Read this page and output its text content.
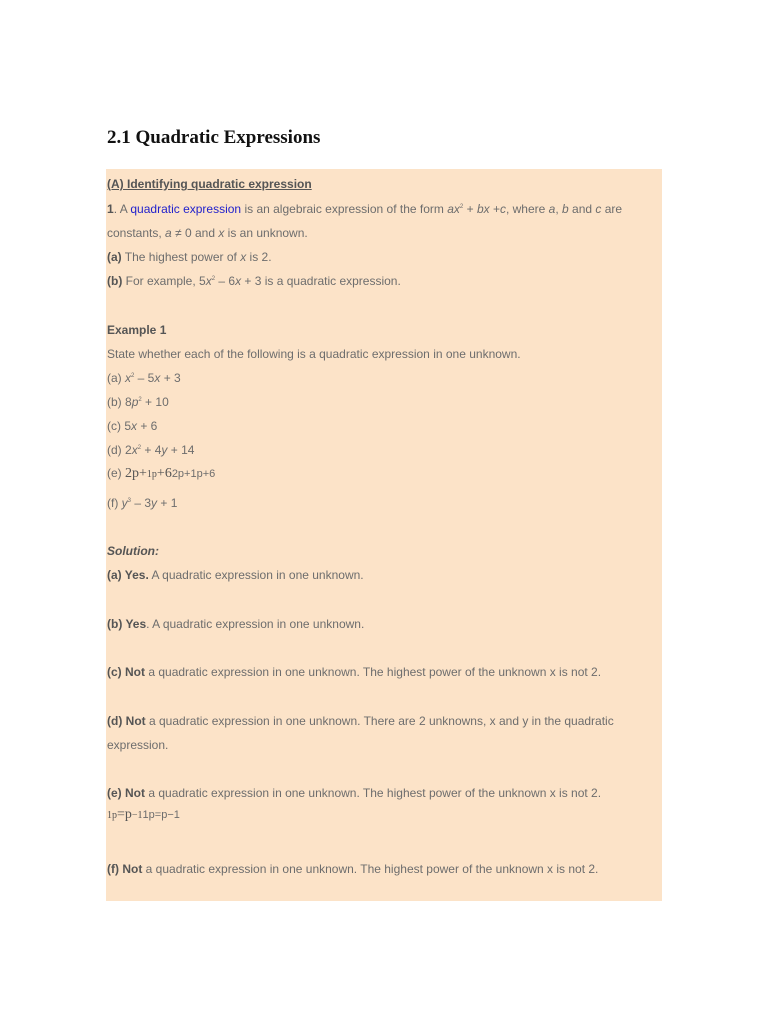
2.1 Quadratic Expressions
(A) Identifying quadratic expression
1. A quadratic expression is an algebraic expression of the form $ax^2$ + bx +c, where a, b and c are
constants, a ≠ 0 and x is an unknown.
(a) The highest power of x is 2.
(b) For example, $5x^2 - 6x + 3$ is a quadratic expression.
Example 1
State whether each of the following is a quadratic expression in one unknown.
(a) $x^2 - 5x + 3$
(b) $8p^2 + 10$
(c) 5x + 6
(d) $2x^2 + 4y + 14$
(e) 2p+1p+62p+1p+6
(f) $y^3 - 3y + 1$
Solution:
(a) Yes. A quadratic expression in one unknown.
(b) Yes. A quadratic expression in one unknown.
(c) Not a quadratic expression in one unknown. The highest power of the unknown x is not 2.
(d) Not a quadratic expression in one unknown. There are 2 unknowns, x and y in the quadratic
expression.
(e) Not a quadratic expression in one unknown. The highest power of the unknown x is not 2.
1p=p−11p=p−1
(f) Not a quadratic expression in one unknown. The highest power of the unknown x is not 2.
